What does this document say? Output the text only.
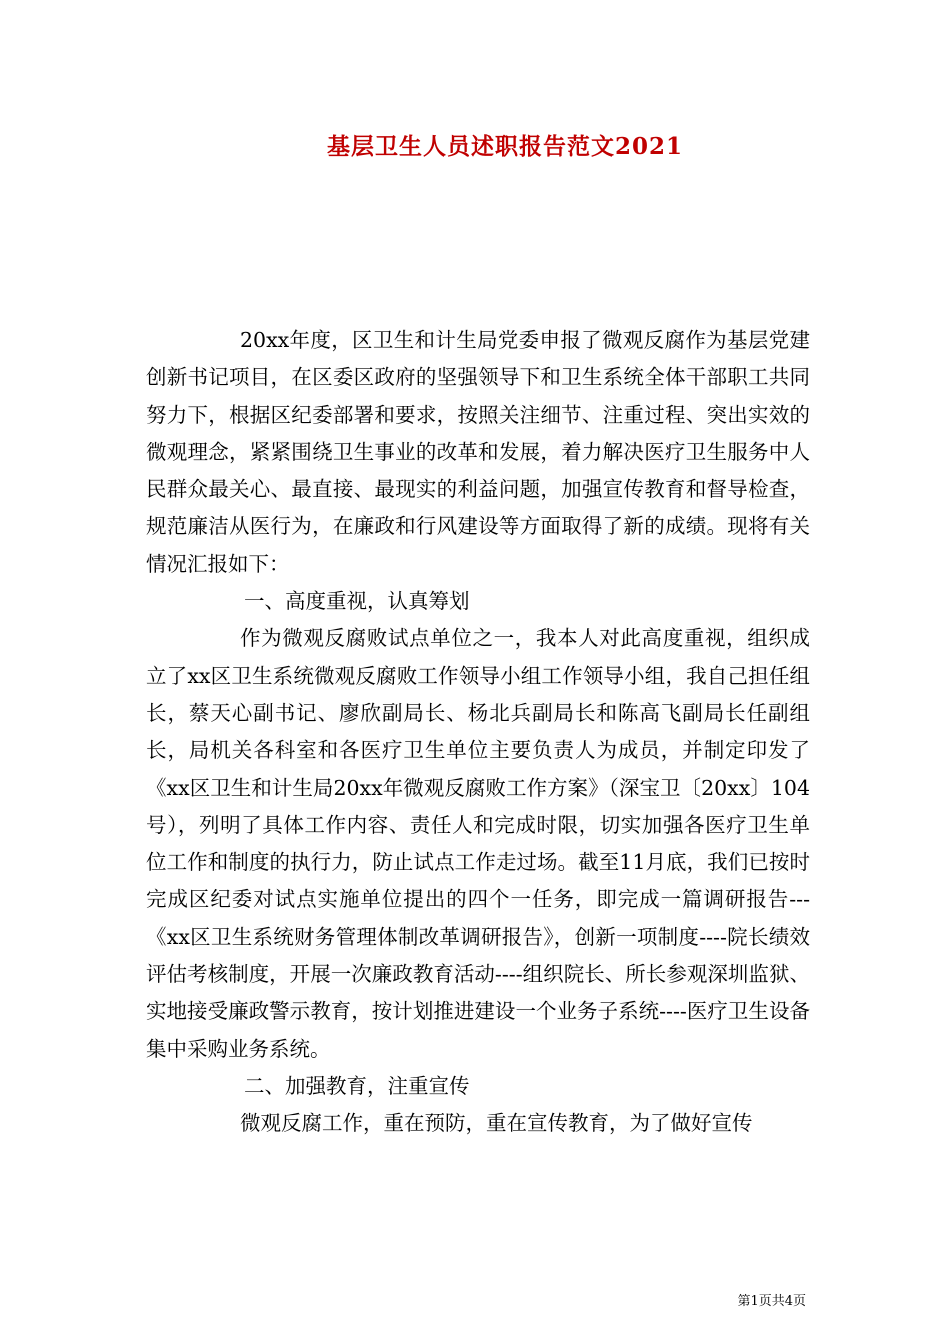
基层卫生人员述职报告范文2021

20xx年度，区卫生和计生局党委申报了微观反腐作为基层党建创新书记项目，在区委区政府的坚强领导下和卫生系统全体干部职工共同努力下，根据区纪委部署和要求，按照关注细节、注重过程、突出实效的微观理念，紧紧围绕卫生事业的改革和发展，着力解决医疗卫生服务中人民群众最关心、最直接、最现实的利益问题，加强宣传教育和督导检查，规范廉洁从医行为，在廉政和行风建设等方面取得了新的成绩。现将有关情况汇报如下：

一、高度重视，认真筹划

作为微观反腐败试点单位之一，我本人对此高度重视，组织成立了xx区卫生系统微观反腐败工作领导小组工作领导小组，我自己担任组长，蔡天心副书记、廖欣副局长、杨北兵副局长和陈高飞副局长任副组长，局机关各科室和各医疗卫生单位主要负责人为成员，并制定印发了《xx区卫生和计生局20xx年微观反腐败工作方案》（深宝卫〔20xx〕104号），列明了具体工作内容、责任人和完成时限，切实加强各医疗卫生单位工作和制度的执行力，防止试点工作走过场。截至11月底，我们已按时完成区纪委对试点实施单位提出的四个一任务，即完成一篇调研报告---《xx区卫生系统财务管理体制改革调研报告》，创新一项制度----院长绩效评估考核制度，开展一次廉政教育活动----组织院长、所长参观深圳监狱、实地接受廉政警示教育，按计划推进建设一个业务子系统----医疗卫生设备集中采购业务系统。

二、加强教育，注重宣传

微观反腐工作，重在预防，重在宣传教育，为了做好宣传

第1页共4页
